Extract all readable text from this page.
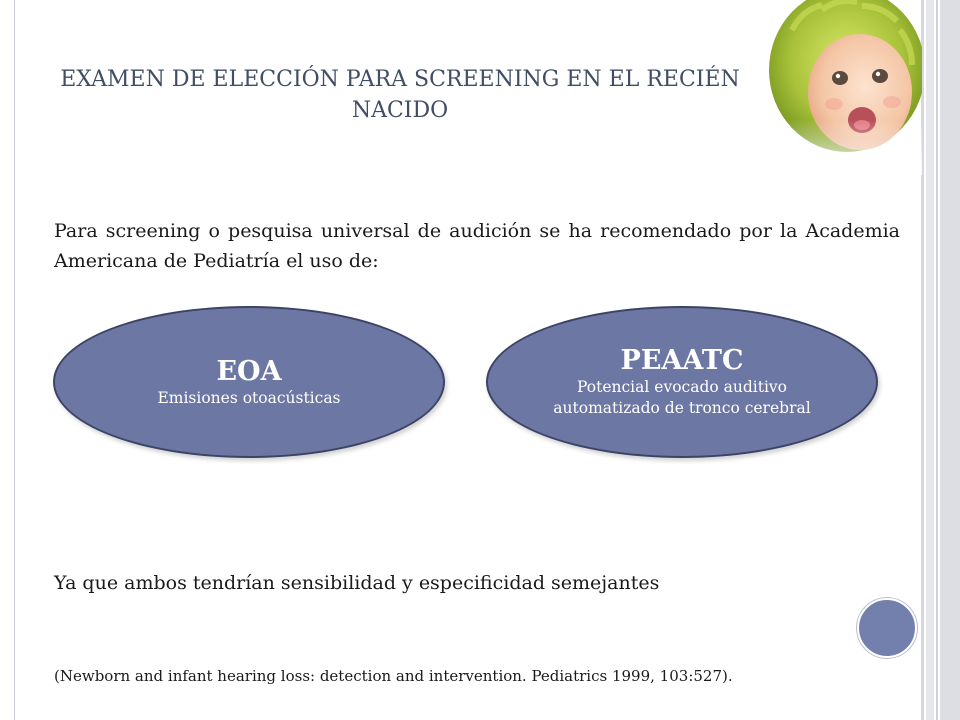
EXAMEN DE ELECCIÓN PARA SCREENING EN EL RECIÉN NACIDO
Para screening o pesquisa universal de audición se ha recomendado por la Academia Americana de Pediatría el uso de:
EOA
Emisiones otoacústicas
PEAATC
Potencial evocado auditivo automatizado de tronco cerebral
Ya que ambos tendrían sensibilidad y especificidad semejantes
(Newborn and infant hearing loss: detection and intervention. Pediatrics 1999, 103:527).
